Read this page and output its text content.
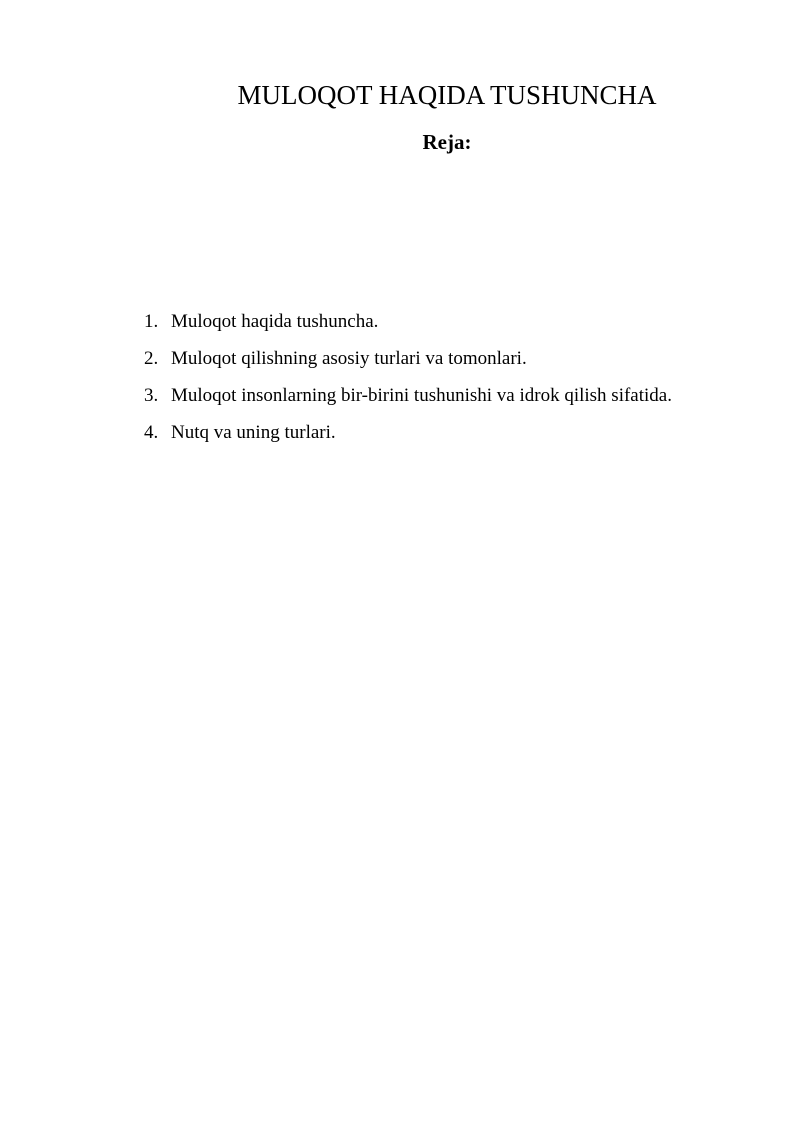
MULOQOT HAQIDA TUSHUNCHA
Reja:
1. Muloqot haqida tushuncha.
2. Muloqot qilishning asosiy turlari va tomonlari.
3. Muloqot insonlarning bir-birini tushunishi va idrok qilish sifatida.
4. Nutq va uning turlari.
